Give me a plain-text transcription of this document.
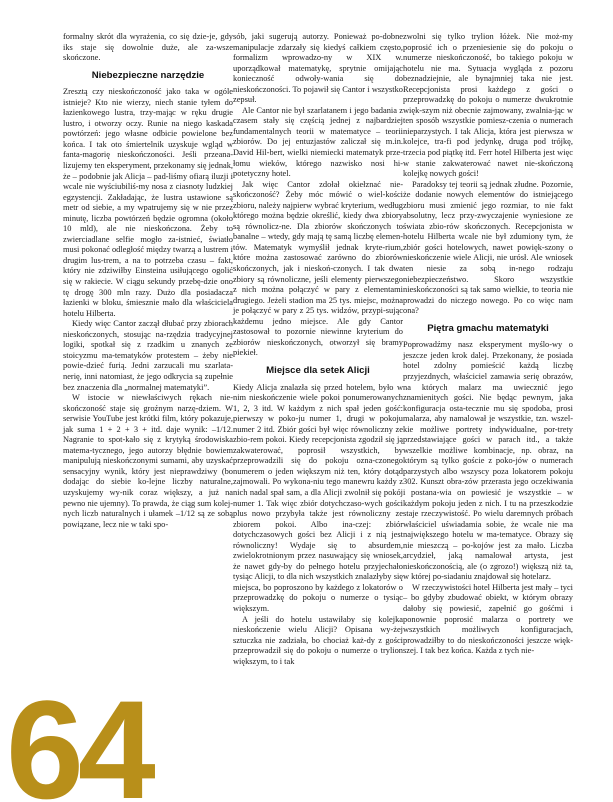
formalny skrót dla wyrażenia, co się dzie-je, gdy iks staje się dowolnie duże, ale za-wsze skończone.

Niebezpieczne narzędzie

Zresztą czy nieskończoność jako taka w ogóle istnieje? Kto nie wierzy, niech stanie tyłem do łazienkowego lustra, trzy-mając w ręku drugie lustro, i otworzy oczy. Runie na niego kaskada powtórzeń: jego własne odbicie powielone bez końca. I tak oto śmiertelnik uzyskuje wgląd w fanta-magorię nieskończoności. Jeśli przeana-lizujemy ten eksperyment, przekonamy się jednak, że – podobnie jak Alicja – pad-liśmy ofiarą iluzji i wcale nie wyściubiliś-my nosa z ciasnoty ludzkiej egzystencji. Zakładając, że lustra ustawione są metr od siebie, a my wpatrujemy się w nie przez minutę, liczba powtórzeń będzie ogromna (około 10 mld), ale nie nieskończona. Żeby to zwierciadlane selfie mogło za-istnieć, światło musi pokonać odległość między twarzą a lustrem i drugim lus-trem, a na to potrzeba czasu – fakt, który nie zdziwiłby Einsteina usiłującego ogolić się w rakiecie. W ciągu sekundy przebę-dzie ono tę drogę 300 mln razy. Dużo dla posiadacza łazienki w bloku, śmiesznie mało dla właściciela hotelu Hilberta.

Kiedy więc Cantor zaczął dłubać przy zbiorach nieskończonych, stosując na-rzędzia tradycyjnej logiki, spotkał się z rzadkim u znanych ze stoicyzmu ma-tematyków protestem – żeby nie powie-dzieć furią. Jedni zarzucali mu szarlata-nerię, inni natomiast, że jego odkrycia są zupełnie bez znaczenia dla „normalnej matematyki”.

W istocie w niewłaściwych rękach nie-skończoność staje się groźnym narzę-dziem. W serwisie YouTube jest krótki film, który pokazuje, jak suma 1 + 2 + 3 + itd. daje wynik: –1/12. Nagranie to spot-kało się z krytyką środowiska matema-tycznego, jego autorzy błędnie bowiem manipulują nieskończonymi sumami, aby uzyskać sensacyjny wynik, który jest nieprawdziwy (bo dodając do siebie ko-lejne liczby naturalne, uzyskujemy wy-nik coraz większy, a już na pewno nie ujemny). To prawda, że ciąg sum kolej-nych liczb naturalnych i ułamek –1/12 są ze sobą powiązane, lecz nie w taki spo-

sób, jaki sugerują autorzy. Ponieważ po-dobne manipulacje zdarzały się kiedyś całkiem często, formalizm wprowadzo-ny w XIX w. uporządkował matematykę, sprytnie omijając konieczność odwoły-wania się do nieskończoności. To pojawił się Cantor i wszystko zepsuł.

Ale Cantor nie był szarlatanem i jego badania z czasem stały się częścią jednej z najbardziej fundamentalnych teorii w matematyce – teorii zbiorów. Do jej entuzjastów zaliczał się m.in. David Hil-bert, wielki niemiecki matematyk prze-łomu wieków, którego nazwisko nosi hi-potetyczny hotel.

Jak więc Cantor zdołał okiełznać nie-skończoność? Żeby móc mówić o wiel-kości zbioru, należy najpierw wybrać kryterium, według którego można będzie określić, kiedy dwa zbiory są równolicz-ne. Dla zbiorów skończonych to banalne – wtedy, gdy mają tę samą liczbę elemen-tów. Matematyk wymyślił jednak kryte-rium, które można zastosować zarówno do zbiorów skończonych, jak i nieskoń-czonych. I tak dwa zbiory są równoliczne, jeśli elementy pierwszego z nich można połączyć w pary z elementami drugiego. Jeżeli stadion ma 25 tys. miejsc, można je połączyć w pary z 25 tys. widzów, przypi-sując każdemu jedno miejsce. Ale gdy Cantor zastosował to pozornie niewinne kryterium do zbiorów nieskończonych, otworzył się bramy piekieł.

Miejsce dla setek Alicji

Kiedy Alicja znalazła się przed hotelem, było w nim nieskończenie wiele pokoi ponumerowanych 1, 2, 3 itd. W każdym z nich spał jeden gość: pierwszy w poko-ju numer 1, drugi w pokoju numer 2 itd. Zbiór gości był więc równoliczny ze zbio-rem pokoi. Kiedy recepcjonista zgodził się ją zakwaterować, poprosił wszystkich, by przeprowadzili się do pokoju ozna-czonego numerem o jeden większym niż ten, który dotąd zajmowali. Po wykona-niu tego manewru każdy z nich nadal spał sam, a dla Alicji zwolnił się pokój numer 1. Tak więc zbiór dotychczaso-wych gości plus nowo przybyła także jest równoliczny ze zbiorem pokoi. Albo ina-czej: zbiór dotychczasowych gości bez Alicji i z nią jest równoliczny! Wydaje się to absurdem, zwielokrotnionym przez nasuwający się wniosek, że nawet gdy-by do pełnego hotelu przyjechało tysiąc Alicji, to dla nich wszystkich znalazłyby się miejsca, bo poproszono by każdego z lokatorów o przeprowadzkę do pokoju o numerze o tysiąc większym.

A jeśli do hotelu ustawiłaby się kolejka nieskończenie wielu Alicji? Opisana wy-żej sztuczka nie zadziała, bo chociaż każ-dy z gości przeprowadził się do pokoju o numerze o trylion większym, to i tak

zwolni się tylko trylion łóżek. Nie moż-my poprosić ich o przeniesienie się do pokoju o numerze nieskończoność, bo takiego pokoju w hotelu nie ma. Sytuacja wygląda z pozoru beznadziejnie, ale bynajmniej taka nie jest. Recepcjonista prosi każdego z gości o przeprowadzkę do pokoju o numerze dwukrotnie więk-szym niż obecnie zajmowany, zwalnia-jąc w ten sposób wszystkie pomiesz-czenia o numerach nieparzystych. I tak Alicja, która jest pierwsza w kolejce, tra-fi pod jedynkę, druga pod trójkę, trzecia pod piątkę itd. Ferr hotel Hilberta jest więc w stanie zakwaterować nawet nie-skończoną kolejkę nowych gości!

Paradoksy tej teorii są jednak złudne. Pozornie, że dodanie nowych elementów do istniejącego zbioru musi zmienić jego rozmiar, to nie fakt absolutny, lecz przy-zwyczajenie wyniesione ze świata zbio-rów skończonych. Recepcjonista w hotelu Hilberta wcale nie był zdumiony tym, że zbiór gości hotelowych, nawet powięk-szony o nieskończenie wiele Alicji, nie urósł. Ale wniosek ten niesie za sobą in-nego rodzaju niebezpieczeństwo. Skoro wszystkie nieskończoności są tak samo wielkie, to teoria nie prowadzi do niczego nowego. Po co więc nam ona?

Piętra gmachu matematyki

Poprowadźmy nasz eksperyment myślo-wy o jeszcze jeden krok dalej. Przekonany, że posiada hotel zdolny pomieścić każdą liczbę przyjezdnych, właściciel zamawia serię obrazów, na których malarz ma uwiecznić jego znamienitych gości. Nie będąc pewnym, jaka konfiguracja osta-tecznie mu się spodoba, prosi malarza, aby namalował je wszystkie, tzn. wszel-kie możliwe portrety indywidualne, por-trety przedstawiające gości w parach itd., a także wszelkie możliwe kombinacje, np. obraz, na którym są tylko goście z poko-jów o numerach parzystych albo wszyscy poza lokatorem pokoju 302. Kunszt obra-zów przerasta jego oczekiwania i postana-wia on powiesić je wszystkie – w każdym pokoju jeden z nich. I tu na przeszkodzie staje rzeczywistość. Po wielu daremnych próbach właściciel uświadamia sobie, że wcale nie ma największego hotelu w ma-tematyce. Obrazy się nie mieszczą – po-kojów jest za mało. Liczba arcydzieł, jaką namalował artysta, jest nieskończonością, ale (o zgrozo!) większą niż ta, w której po-siadaniu znajdował się hotelarz.

W rzeczywistości hotel Hilberta jest mały – tyci – bo gdyby zbudować obiekt, w którym obrazy dałoby się powiesić, zapełnić go gośćmi i ponownie poprosić malarza o portrety we wszystkich możliwych konfiguracjach, prowadziłby to do nieskończoności jeszcze więk-szej. I tak bez końca. Każda z tych nie-

64
